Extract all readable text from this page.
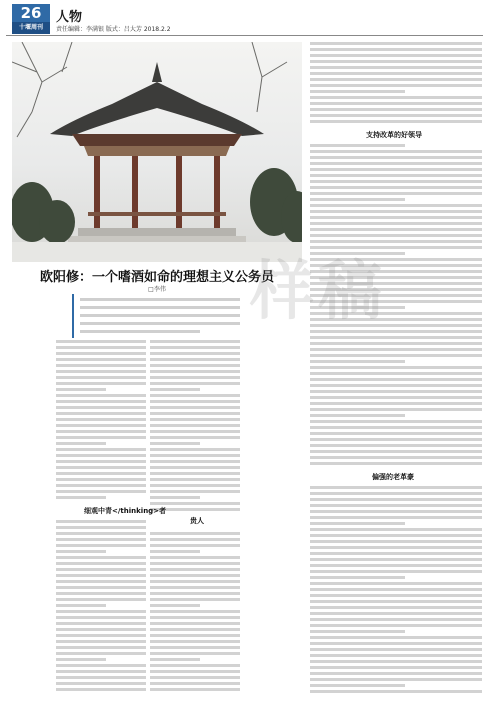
26
十堰周刊
人物
责任编辑：李满银 版式：吕大芳 2018.2.2
欧阳修：一个嗜酒如命的理想主义公务员
□李伟
细观中青</thinking>者
贵人
支持改革的好领导
偏强的老革豪
样稿
